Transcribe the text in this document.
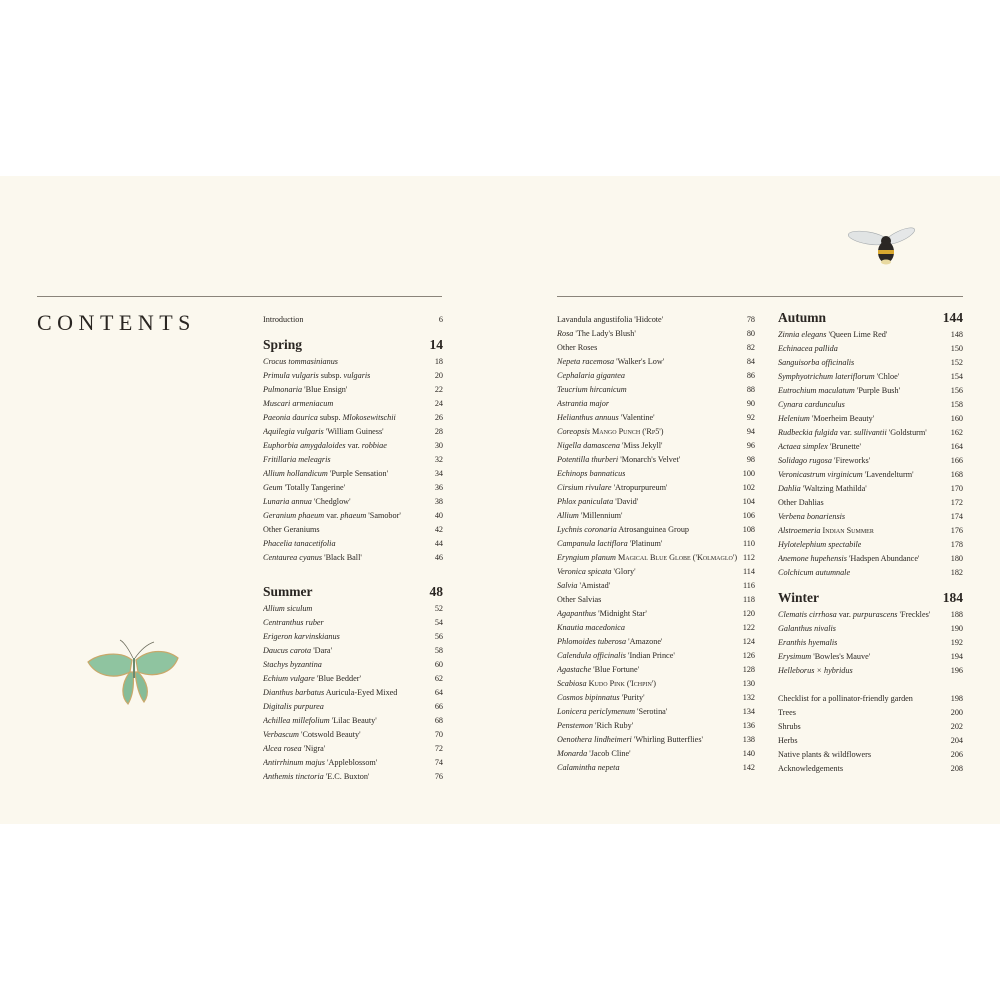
CONTENTS	Introduction	6
Spring	14
Crocus tommasinianus	18
Primula vulgaris subsp. vulgaris	20
Pulmonaria 'Blue Ensign'	22
Muscari armeniacum	24
Paeonia daurica subsp. Mlokosewitschii	26
Aquilegia vulgaris 'William Guiness'	28
Euphorbia amygdaloides var. robbiae	30
Fritillaria meleagris	32
Allium hollandicum 'Purple Sensation'	34
Geum 'Totally Tangerine'	36
Lunaria annua 'Chedglow'	38
Geranium phaeum var. phaeum 'Samobor'	40
Other Geraniums	42
Phacelia tanacetifolia	44
Centaurea cyanus 'Black Ball'	46
Summer	48
Allium siculum	52
Centranthus ruber	54
Erigeron karvinskianus	56
Daucus carota 'Dara'	58
Stachys byzantina	60
Echium vulgare 'Blue Bedder'	62
Dianthus barbatus Auricula-Eyed Mixed	64
Digitalis purpurea	66
Achillea millefolium 'Lilac Beauty'	68
Verbascum 'Cotswold Beauty'	70
Alcea rosea 'Nigra'	72
Antirrhinum majus 'Appleblossom'	74
Anthemis tinctoria 'E.C. Buxton'	76
Lavandula angustifolia 'Hidcote'	78
Rosa 'The Lady's Blush'	80
Other Roses	82
Nepeta racemosa 'Walker's Low'	84
Cephalaria gigantea	86
Teucrium hircanicum	88
Astrantia major	90
Helianthus annuus 'Valentine'	92
Coreopsis Mango Punch ('Rp5')	94
Nigella damascena 'Miss Jekyll'	96
Potentilla thurberi 'Monarch's Velvet'	98
Echinops bannaticus	100
Cirsium rivulare 'Atropurpureum'	102
Phlox paniculata 'David'	104
Allium 'Millennium'	106
Lychnis coronaria Atrosanguinea Group	108
Campanula lactiflora 'Platinum'	110
Eryngium planum Magical Blue Globe ('Kolmaglo') 112
Veronica spicata 'Glory'	114
Salvia 'Amistad'	116
Other Salvias	118
Agapanthus 'Midnight Star'	120
Knautia macedonica	122
Phlomoides tuberosa 'Amazone'	124
Calendula officinalis 'Indian Prince'	126
Agastache 'Blue Fortune'	128
Scabiosa Kudo Pink ('Ichpin')	130
Cosmos bipinnatus 'Purity'	132
Lonicera periclymenum 'Serotina'	134
Penstemon 'Rich Ruby'	136
Oenothera lindheimeri 'Whirling Butterflies'	138
Monarda 'Jacob Cline'	140
Calamintha nepeta	142
Autumn	144
Zinnia elegans 'Queen Lime Red'	148
Echinacea pallida	150
Sanguisorba officinalis	152
Symphyotrichum lateriflorum 'Chloe'	154
Eutrochium maculatum 'Purple Bush'	156
Cynara cardunculus	158
Helenium 'Moerheim Beauty'	160
Rudbeckia fulgida var. sullivantii 'Goldsturm'	162
Actaea simplex 'Brunette'	164
Solidago rugosa 'Fireworks'	166
Veronicastrum virginicum 'Lavendelturm'	168
Dahlia 'Waltzing Mathilda'	170
Other Dahlias	172
Verbena bonariensis	174
Alstroemeria Indian Summer	176
Hylotelephium spectabile	178
Anemone hupehensis 'Hadspen Abundance'	180
Colchicum autumnale	182
Winter	184
Clematis cirrhosa var. purpurascens 'Freckles'	188
Galanthus nivalis	190
Eranthis hyemalis	192
Erysimum 'Bowles's Mauve'	194
Helleborus × hybridus	196
Checklist for a pollinator-friendly garden	198
Trees	200
Shrubs	202
Herbs	204
Native plants & wildflowers	206
Acknowledgements	208
